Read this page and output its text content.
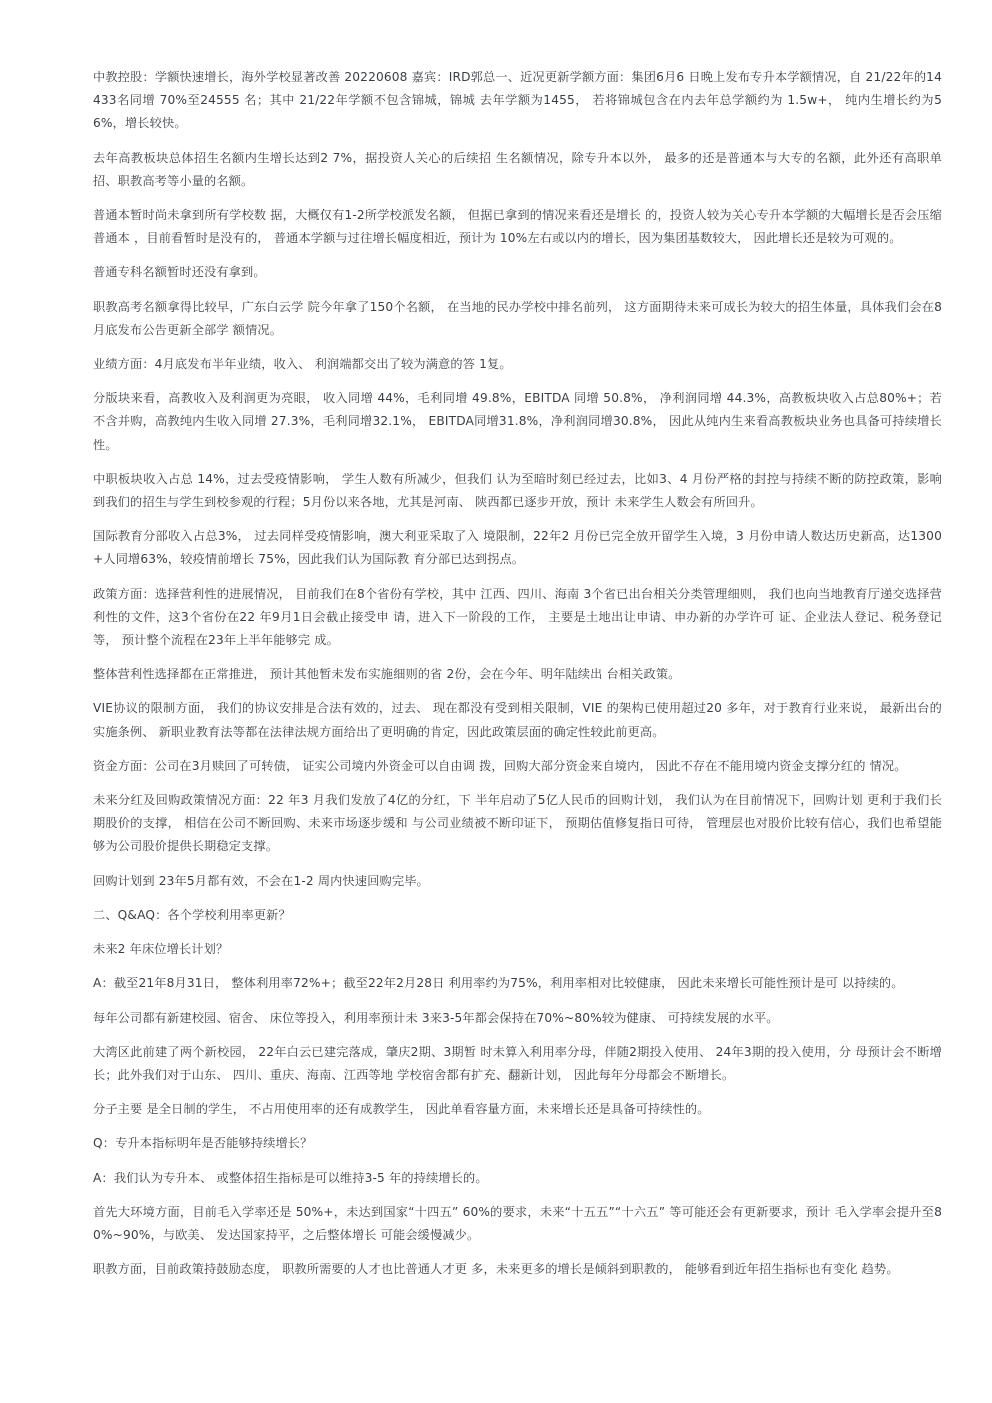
中教控股：学额快速增长，海外学校显著改善 20220608 嘉宾：IRD郭总一、近况更新学额方面：集团6月6 日晚上发布专升本学额情况，自 21/22年的14433名同增 70%至24555 名；其中 21/22年学额不包含锦城，锦城 去年学额为1455， 若将锦城包含在内去年总学额约为 1.5w+， 纯内生增长约为56%，增长较快。

去年高教板块总体招生名额内生增长达到2 7%，据投资人关心的后续招 生名额情况，除专升本以外， 最多的还是普通本与大专的名额，此外还有高职单招、职教高考等小量的名额。

普通本暂时尚未拿到所有学校数 据，大概仅有1-2所学校派发名额， 但据已拿到的情况来看还是增长 的，投资人较为关心专升本学额的大幅增长是否会压缩普通本 ，目前看暂时是没有的， 普通本学额与过往增长幅度相近，预计为 10%左右或以内的增长，因为集团基数较大， 因此增长还是较为可观的。

普通专科名额暂时还没有拿到。

职教高考名额拿得比较早，广东白云学 院今年拿了150个名额， 在当地的民办学校中排名前列， 这方面期待未来可成长为较大的招生体量，具体我们会在8 月底发布公告更新全部学 额情况。

业绩方面：4月底发布半年业绩，收入、 利润端都交出了较为满意的答 1复。

分版块来看，高教收入及利润更为亮眼， 收入同增 44%，毛利同增 49.8%，EBITDA 同增 50.8%， 净利润同增 44.3%，高教板块收入占总80%+；若不含并购，高教纯内生收入同增 27.3%，毛利同增32.1%， EBITDA同增31.8%，净利润同增30.8%， 因此从纯内生来看高教板块业务也具备可持续增长性。

中职板块收入占总 14%，过去受疫情影响， 学生人数有所减少，但我们 认为至暗时刻已经过去，比如3、4 月份严格的封控与持续不断的防控政策，影响到我们的招生与学生到校参观的行程；5月份以来各地，尤其是河南、 陕西都已逐步开放，预计 未来学生人数会有所回升。

国际教育分部收入占总3%， 过去同样受疫情影响，澳大利亚采取了入 境限制，22年2 月份已完全放开留学生入境，3 月份申请人数达历史新高，达1300+人同增63%，较疫情前增长 75%，因此我们认为国际教 育分部已达到拐点。

政策方面：选择营利性的进展情况， 目前我们在8个省份有学校，其中 江西、四川、海南 3个省已出台相关分类管理细则， 我们也向当地教育厅递交选择营利性的文件，这3个省份在22 年9月1日会截止接受申 请，进入下一阶段的工作， 主要是土地出让申请、申办新的办学许可 证、企业法人登记、税务登记等， 预计整个流程在23年上半年能够完 成。

整体营利性选择都在正常推进， 预计其他暂未发布实施细则的省 2份，会在今年、明年陆续出 台相关政策。

VIE协议的限制方面， 我们的协议安排是合法有效的，过去、 现在都没有受到相关限制，VIE 的架构已使用超过20 多年，对于教育行业来说， 最新出台的实施条例、 新职业教育法等都在法律法规方面给出了更明确的肯定，因此政策层面的确定性较此前更高。

资金方面：公司在3月赎回了可转债， 证实公司境内外资金可以自由调 拨，回购大部分资金来自境内， 因此不存在不能用境内资金支撑分红的 情况。

未来分红及回购政策情况方面：22 年3 月我们发放了4亿的分红，下 半年启动了5亿人民币的回购计划， 我们认为在目前情况下，回购计划 更利于我们长期股价的支撑， 相信在公司不断回购、未来市场逐步缓和 与公司业绩被不断印证下， 预期估值修复指日可待， 管理层也对股价比较有信心，我们也希望能够为公司股价提供长期稳定支撑。

回购计划到 23年5月都有效，不会在1-2 周内快速回购完毕。

二、Q&AQ：各个学校利用率更新？

未来2 年床位增长计划？

A：截至21年8月31日， 整体利用率72%+；截至22年2月28日 利用率约为75%，利用率相对比较健康， 因此未来增长可能性预计是可 以持续的。

每年公司都有新建校园、宿舍、 床位等投入，利用率预计未 3来3-5年都会保持在70%~80%较为健康、 可持续发展的水平。

大湾区此前建了两个新校园， 22年白云已建完落成，肇庆2期、3期暂 时未算入利用率分母，伴随2期投入使用、 24年3期的投入使用，分 母预计会不断增长；此外我们对于山东、 四川、重庆、海南、江西等地 学校宿舍都有扩充、翻新计划， 因此每年分母都会不断增长。

分子主要 是全日制的学生， 不占用使用率的还有成教学生， 因此单看容量方面，未来增长还是具备可持续性的。

Q：专升本指标明年是否能够持续增长？

A：我们认为专升本、 或整体招生指标是可以维持3-5 年的持续增长的。

首先大环境方面，目前毛入学率还是 50%+，未达到国家“十四五” 60%的要求，未来“十五五”“十六五” 等可能还会有更新要求，预计 毛入学率会提升至80%~90%，与欧美、 发达国家持平，之后整体增长 可能会缓慢减少。

职教方面，目前政策持鼓励态度， 职教所需要的人才也比普通人才更 多，未来更多的增长是倾斜到职教的， 能够看到近年招生指标也有变化 趋势。
